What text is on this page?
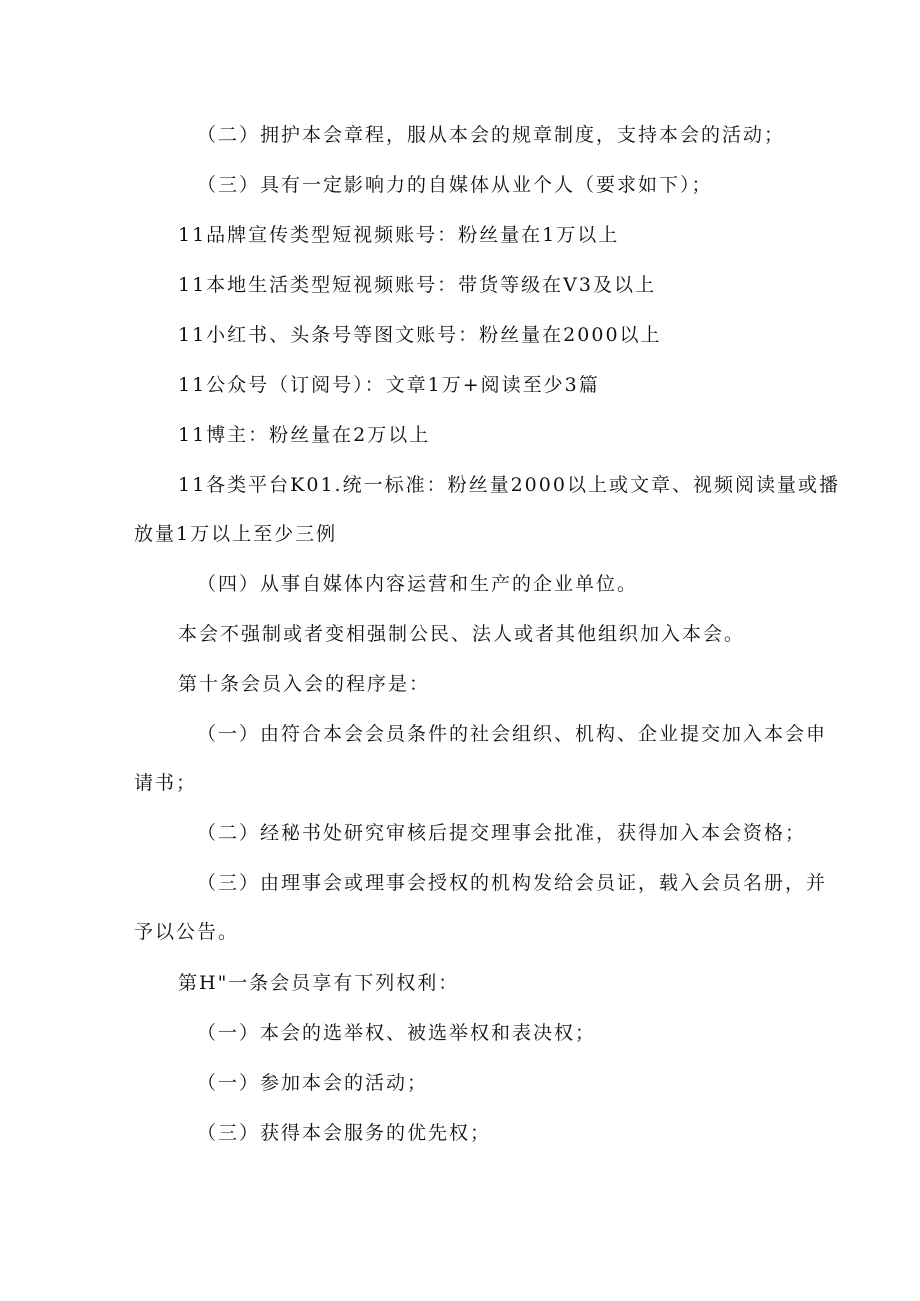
（二）拥护本会章程，服从本会的规章制度，支持本会的活动；
（三）具有一定影响力的自媒体从业个人（要求如下）；
11品牌宣传类型短视频账号：粉丝量在1万以上
11本地生活类型短视频账号：带货等级在V3及以上
11小红书、头条号等图文账号：粉丝量在2000以上
11公众号（订阅号）：文章1万+阅读至少3篇
11博主：粉丝量在2万以上
11各类平台K01.统一标准：粉丝量2000以上或文章、视频阅读量或播
放量1万以上至少三例
（四）从事自媒体内容运营和生产的企业单位。
本会不强制或者变相强制公民、法人或者其他组织加入本会。
第十条会员入会的程序是：
（一）由符合本会会员条件的社会组织、机构、企业提交加入本会申
请书；
（二）经秘书处研究审核后提交理事会批准，获得加入本会资格；
（三）由理事会或理事会授权的机构发给会员证，载入会员名册，并
予以公告。
第H"一条会员享有下列权利：
（一）本会的选举权、被选举权和表决权；
（一）参加本会的活动；
（三）获得本会服务的优先权；
